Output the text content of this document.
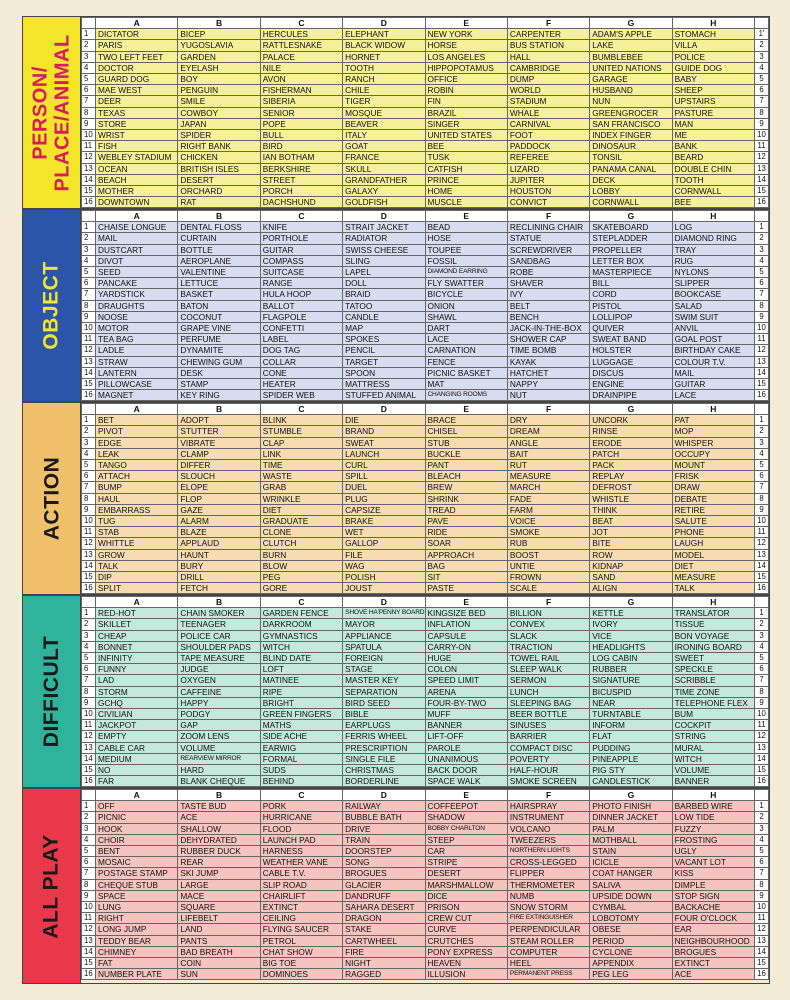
PERSON/
PLACE/ANIMAL
	A	B	C	D	E	F	G	H	
1	DICTATOR	BICEP	HERCULES	ELEPHANT	NEW YORK	CARPENTER	ADAM'S APPLE	STOMACH	1'
2	PARIS	YUGOSLAVIA	RATTLESNAKE	BLACK WIDOW	HORSE	BUS STATION	LAKE	VILLA	2
3	TWO LEFT FEET	GARDEN	PALACE	HORNET	LOS ANGELES	HALL	BUMBLEBEE	POLICE	3
4	DOCTOR	EYELASH	NILE	TOOTH	HIPPOPOTAMUS	CAMBRIDGE	UNITED NATIONS	GUIDE DOG	4
5	GUARD DOG	BOY	AVON	RANCH	OFFICE	DUMP	GARAGE	BABY	5
6	MAE WEST	PENGUIN	FISHERMAN	CHILE	ROBIN	WORLD	HUSBAND	SHEEP	6
7	DEER	SMILE	SIBERIA	TIGER	FIN	STADIUM	NUN	UPSTAIRS	7
8	TEXAS	COWBOY	SENIOR	MOSQUE	BRAZIL	WHALE	GREENGROCER	PASTURE	8
9	STORE	JAPAN	POPE	BEAVER	SINGER	CARNIVAL	SAN FRANCISCO	MAN	9
10	WRIST	SPIDER	BULL	ITALY	UNITED STATES	FOOT	INDEX FINGER	ME	10
11	FISH	RIGHT BANK	BIRD	GOAT	BEE	PADDOCK	DINOSAUR	BANK	11
12	WEBLEY STADIUM	CHICKEN	IAN BOTHAM	FRANCE	TUSK	REFEREE	TONSIL	BEARD	12
13	OCEAN	BRITISH ISLES	BERKSHIRE	SKULL	CATFISH	LIZARD	PANAMA CANAL	DOUBLE CHIN	13
14	BEACH	DESERT	STREET	GRANDFATHER	PRINCE	JUPITER	DECK	TOOTH	14
15	MOTHER	ORCHARD	PORCH	GALAXY	HOME	HOUSTON	LOBBY	CORNWALL	15
16	DOWNTOWN	RAT	DACHSHUND	GOLDFISH	MUSCLE	CONVICT	CORNWALL	BEE	16
OBJECT
	A	B	C	D	E	F	G	H	
1	CHAISE LONGUE	DENTAL FLOSS	KNIFE	STRAIT JACKET	BEAD	RECLINING CHAIR	SKATEBOARD	LOG	1
2	MAIL	CURTAIN	PORTHOLE	RADIATOR	HOSE	STATUE	STEPLADDER	DIAMOND RING	2
3	DUSTCART	BOTTLE	GUITAR	SWISS CHEESE	TOUPEE	SCREWDRIVER	PROPELLER	TRAY	3
4	DIVOT	AEROPLANE	COMPASS	SLING	FOSSIL	SANDBAG	LETTER BOX	RUG	4
5	SEED	VALENTINE	SUITCASE	LAPEL	DIAMOND EARRING	ROBE	MASTERPIECE	NYLONS	5
6	PANCAKE	LETTUCE	RANGE	DOLL	FLY SWATTER	SHAVER	BILL	SLIPPER	6
7	YARDSTICK	BASKET	HULA HOOP	BRAID	BICYCLE	IVY	CORD	BOOKCASE	7
8	DRAUGHTS	BATON	BALLOT	TATOO	ONION	BELT	PISTOL	SALAD	8
9	NOOSE	COCONUT	FLAGPOLE	CANDLE	SHAWL	BENCH	LOLLIPOP	SWIM SUIT	9
10	MOTOR	GRAPE VINE	CONFETTI	MAP	DART	JACK-IN-THE-BOX	QUIVER	ANVIL	10
11	TEA BAG	PERFUME	LABEL	SPOKES	LACE	SHOWER CAP	SWEAT BAND	GOAL POST	11
12	LADLE	DYNAMITE	DOG TAG	PENCIL	CARNATION	TIME BOMB	HOLSTER	BIRTHDAY CAKE	12
13	STRAW	CHEWING GUM	COLLAR	TARGET	FENCE	KAYAK	LUGGAGE	COLOUR T.V.	13
14	LANTERN	DESK	CONE	SPOON	PICNIC BASKET	HATCHET	DISCUS	MAIL	14
15	PILLOWCASE	STAMP	HEATER	MATTRESS	MAT	NAPPY	ENGINE	GUITAR	15
16	MAGNET	KEY RING	SPIDER WEB	STUFFED ANIMAL	CHANGING ROOMS	NUT	DRAINPIPE	LACE	16
ACTION
	A	B	C	D	E	F	G	H	
1	BET	ADOPT	BLINK	DIE	BRACE	DRY	UNCORK	PAT	1
2	PIVOT	STUTTER	STUMBLE	BRAND	CHISEL	DREAM	RINSE	MOP	2
3	EDGE	VIBRATE	CLAP	SWEAT	STUB	ANGLE	ERODE	WHISPER	3
4	LEAK	CLAMP	LINK	LAUNCH	BUCKLE	BAIT	PATCH	OCCUPY	4
5	TANGO	DIFFER	TIME	CURL	PANT	RUT	PACK	MOUNT	5
6	ATTACH	SLOUCH	WASTE	SPILL	BLEACH	MEASURE	REPLAY	FRISK	6
7	BUMP	ELOPE	GRAB	DUEL	BREW	MARCH	DEFROST	DRAW	7
8	HAUL	FLOP	WRINKLE	PLUG	SHRINK	FADE	WHISTLE	DEBATE	8
9	EMBARRASS	GAZE	DIET	CAPSIZE	TREAD	FARM	THINK	RETIRE	9
10	TUG	ALARM	GRADUATE	BRAKE	PAVE	VOICE	BEAT	SALUTE	10
11	STAB	BLAZE	CLONE	WET	RIDE	SMOKE	JOT	PHONE	11
12	WHITTLE	APPLAUD	CLUTCH	GALLOP	SOAR	RUB	BITE	LAUGH	12
13	GROW	HAUNT	BURN	FILE	APPROACH	BOOST	ROW	MODEL	13
14	TALK	BURY	BLOW	WAG	BAG	UNTIE	KIDNAP	DIET	14
15	DIP	DRILL	PEG	POLISH	SIT	FROWN	SAND	MEASURE	15
16	SPLIT	FETCH	GORE	JOUST	PASTE	SCALE	ALIGN	TALK	16
DIFFICULT
	A	B	C	D	E	F	G	H	
1	RED-HOT	CHAIN SMOKER	GARDEN FENCE	SHOVE HA'PENNY BOARD	KINGSIZE BED	BILLION	KETTLE	TRANSLATOR	1
2	SKILLET	TEENAGER	DARKROOM	MAYOR	INFLATION	CONVEX	IVORY	TISSUE	2
3	CHEAP	POLICE CAR	GYMNASTICS	APPLIANCE	CAPSULE	SLACK	VICE	BON VOYAGE	3
4	BONNET	SHOULDER PADS	WITCH	SPATULA	CARRY-ON	TRACTION	HEADLIGHTS	IRONING BOARD	4
5	INFINITY	TAPE MEASURE	BLIND DATE	FOREIGN	HUGE	TOWEL RAIL	LOG CABIN	SWEET	5
6	FUNNY	JUDGE	LOFT	STAGE	COLON	SLEEP WALK	RUBBER	SPECKLE	6
7	LAD	OXYGEN	MATINEE	MASTER KEY	SPEED LIMIT	SERMON	SIGNATURE	SCRIBBLE	7
8	STORM	CAFFEINE	RIPE	SEPARATION	ARENA	LUNCH	BICUSPID	TIME ZONE	8
9	GCHQ	HAPPY	BRIGHT	BIRD SEED	FOUR-BY-TWO	SLEEPING BAG	NEAR	TELEPHONE FLEX	9
10	CIVILIAN	PODGY	GREEN FINGERS	BIBLE	MUFF	BEER BOTTLE	TURNTABLE	BUM	10
11	JACKPOT	GAP	MATHS	EARPLUGS	BANNER	SINUSES	INFORM	COCKPIT	11
12	EMPTY	ZOOM LENS	SIDE ACHE	FERRIS WHEEL	LIFT-OFF	BARRIER	FLAT	STRING	12
13	CABLE CAR	VOLUME	EARWIG	PRESCRIPTION	PAROLE	COMPACT DISC	PUDDING	MURAL	13
14	MEDIUM	REARVIEW MIRROR	FORMAL	SINGLE FILE	UNANIMOUS	POVERTY	PINEAPPLE	WITCH	14
15	NO	HARD	SUDS	CHRISTMAS	BACK DOOR	HALF-HOUR	PIG STY	VOLUME	15
16	FAR	BLANK CHEQUE	BEHIND	BORDERLINE	SPACE WALK	SMOKE SCREEN	CANDLESTICK	BANNER	16
ALL PLAY
	A	B	C	D	E	F	G	H	
1	OFF	TASTE BUD	PORK	RAILWAY	COFFEEPOT	HAIRSPRAY	PHOTO FINISH	BARBED WIRE	1
2	PICNIC	ACE	HURRICANE	BUBBLE BATH	SHADOW	INSTRUMENT	DINNER JACKET	LOW TIDE	2
3	HOOK	SHALLOW	FLOOD	DRIVE	BOBBY CHARLTON	VOLCANO	PALM	FUZZY	3
4	CHOIR	DEHYDRATED	LAUNCH PAD	TRAIN	STEEP	TWEEZERS	MOTHBALL	FROSTING	4
5	BENT	RUBBER DUCK	HARNESS	DOORSTEP	CAR	NORTHERN LIGHTS	STAIN	UGLY	5
6	MOSAIC	REAR	WEATHER VANE	SONG	STRIPE	CROSS-LEGGED	ICICLE	VACANT LOT	6
7	POSTAGE STAMP	SKI JUMP	CABLE T.V.	BROGUES	DESERT	FLIPPER	COAT HANGER	KISS	7
8	CHEQUE STUB	LARGE	SLIP ROAD	GLACIER	MARSHMALLOW	THERMOMETER	SALIVA	DIMPLE	8
9	SPACE	MACE	CHAIRLIFT	DANDRUFF	DICE	NUMB	UPSIDE DOWN	STOP SIGN	9
10	LUNG	SQUARE	EXTINCT	SAHARA DESERT	PRISON	SNOW STORM	CYMBAL	BACKACHE	10
11	RIGHT	LIFEBELT	CEILING	DRAGON	CREW CUT	FIRE EXTINGUISHER	LOBOTOMY	FOUR O'CLOCK	11
12	LONG JUMP	LAND	FLYING SAUCER	STAKE	CURVE	PERPENDICULAR	OBESE	EAR	12
13	TEDDY BEAR	PANTS	PETROL	CARTWHEEL	CRUTCHES	STEAM ROLLER	PERIOD	NEIGHBOURHOOD	13
14	CHIMNEY	BAD BREATH	CHAT SHOW	FIRE	PONY EXPRESS	COMPUTER	CYCLONE	BROGUES	14
15	FAT	COIN	BIG TOE	NIGHT	HEAVEN	HEEL	APPENDIX	EXTINCT	15
16	NUMBER PLATE	SUN	DOMINOES	RAGGED	ILLUSION	PERMANENT PRESS	PEG LEG	ACE	16
